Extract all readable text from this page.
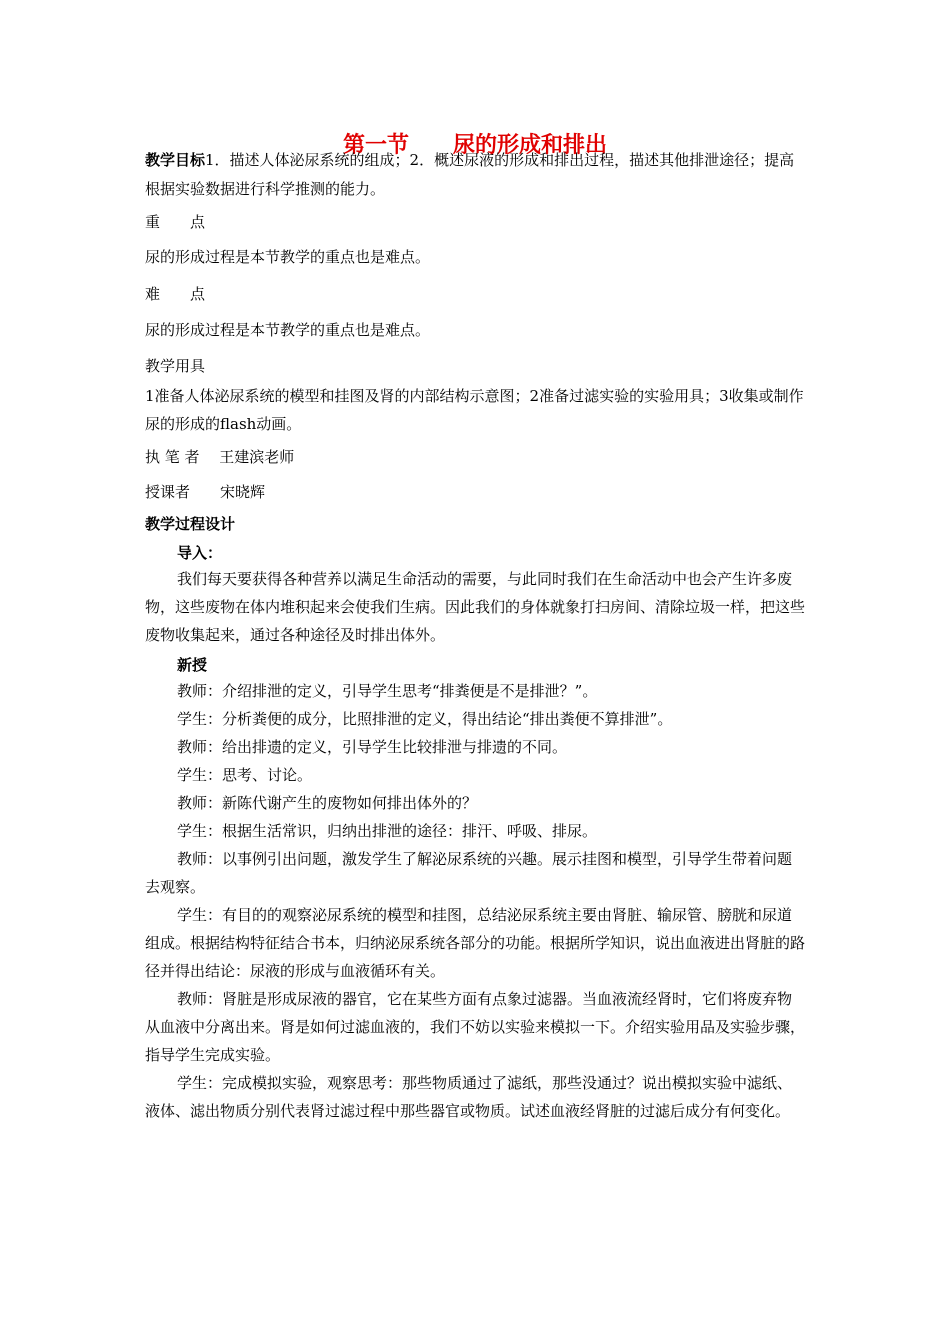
第一节　　尿的形成和排出
教学目标1．描述人体泌尿系统的组成；2．概述尿液的形成和排出过程，描述其他排泄途径；提高根据实验数据进行科学推测的能力。
重　　点
尿的形成过程是本节教学的重点也是难点。
难　　点
尿的形成过程是本节教学的重点也是难点。
教学用具
1准备人体泌尿系统的模型和挂图及肾的内部结构示意图；2准备过滤实验的实验用具；3收集或制作尿的形成的flash动画。
执 笔 者　 王建滨老师
授课者　　宋晓辉
教学过程设计
导入：
我们每天要获得各种营养以满足生命活动的需要，与此同时我们在生命活动中也会产生许多废物，这些废物在体内堆积起来会使我们生病。因此我们的身体就象打扫房间、清除垃圾一样，把这些废物收集起来，通过各种途径及时排出体外。
新授
教师：介绍排泄的定义，引导学生思考“排粪便是不是排泄？”。
学生：分析粪便的成分，比照排泄的定义，得出结论“排出粪便不算排泄”。
教师：给出排遗的定义，引导学生比较排泄与排遗的不同。
学生：思考、讨论。
教师：新陈代谢产生的废物如何排出体外的？
学生：根据生活常识，归纳出排泄的途径：排汗、呼吸、排尿。
教师：以事例引出问题，激发学生了解泌尿系统的兴趣。展示挂图和模型，引导学生带着问题去观察。
学生：有目的的观察泌尿系统的模型和挂图，总结泌尿系统主要由肾脏、输尿管、膀胱和尿道组成。根据结构特征结合书本，归纳泌尿系统各部分的功能。根据所学知识，说出血液进出肾脏的路径并得出结论：尿液的形成与血液循环有关。
教师：肾脏是形成尿液的器官，它在某些方面有点象过滤器。当血液流经肾时，它们将废弃物从血液中分离出来。肾是如何过滤血液的，我们不妨以实验来模拟一下。介绍实验用品及实验步骤，指导学生完成实验。
学生：完成模拟实验，观察思考：那些物质通过了滤纸，那些没通过？说出模拟实验中滤纸、液体、滤出物质分别代表肾过滤过程中那些器官或物质。试述血液经肾脏的过滤后成分有何变化。
